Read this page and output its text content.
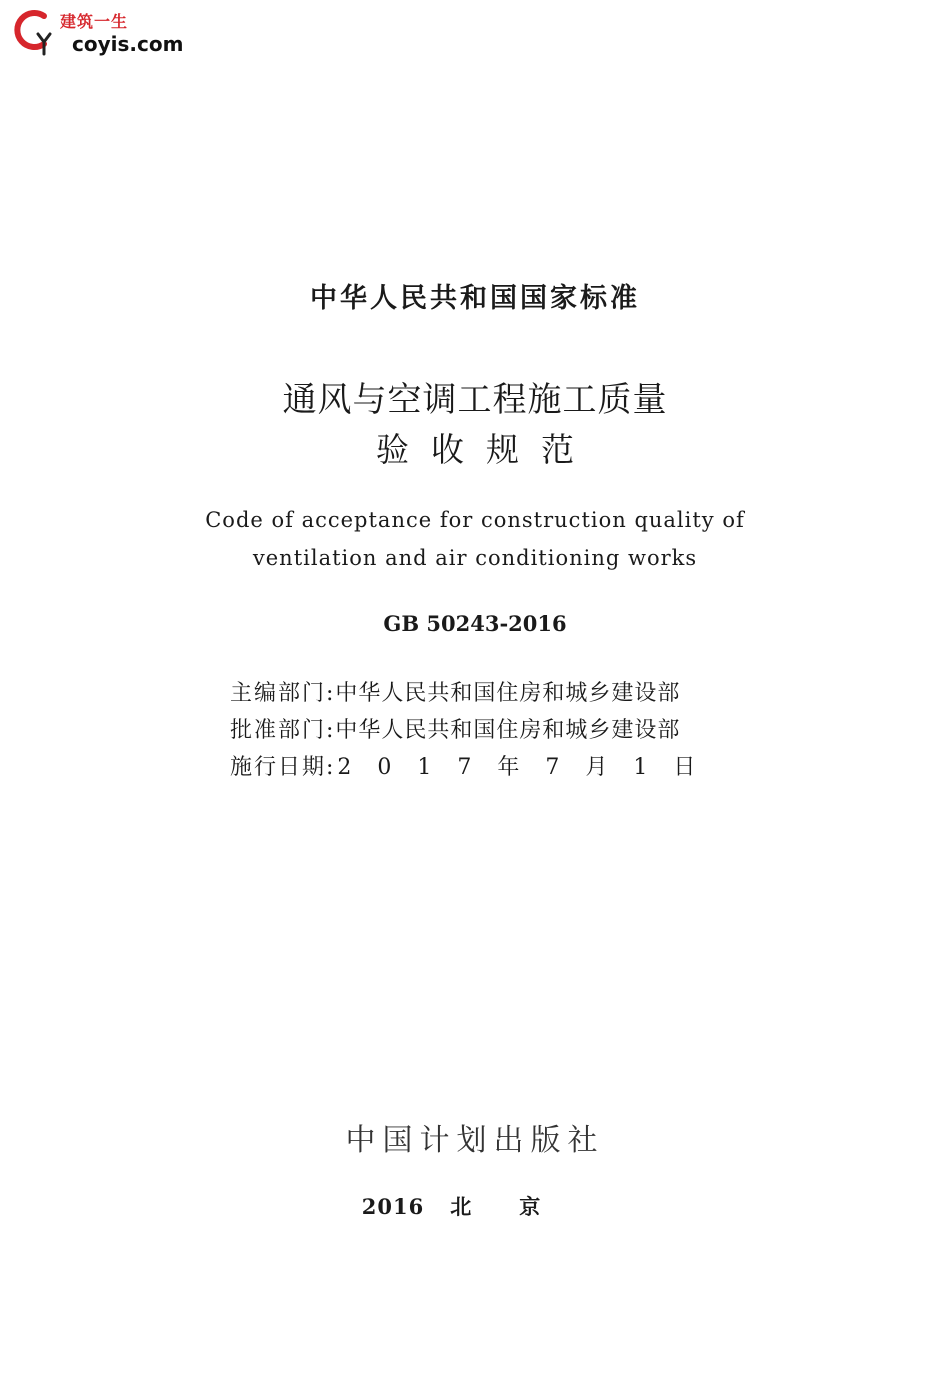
建筑一生
coyis.com
中华人民共和国国家标准
通风与空调工程施工质量
验收规范
Code of acceptance for construction quality of
ventilation and air conditioning works
GB 50243-2016
主编部门:中华人民共和国住房和城乡建设部
批准部门:中华人民共和国住房和城乡建设部
施行日期:2017年7月1日
中国计划出版社
2016 北京
